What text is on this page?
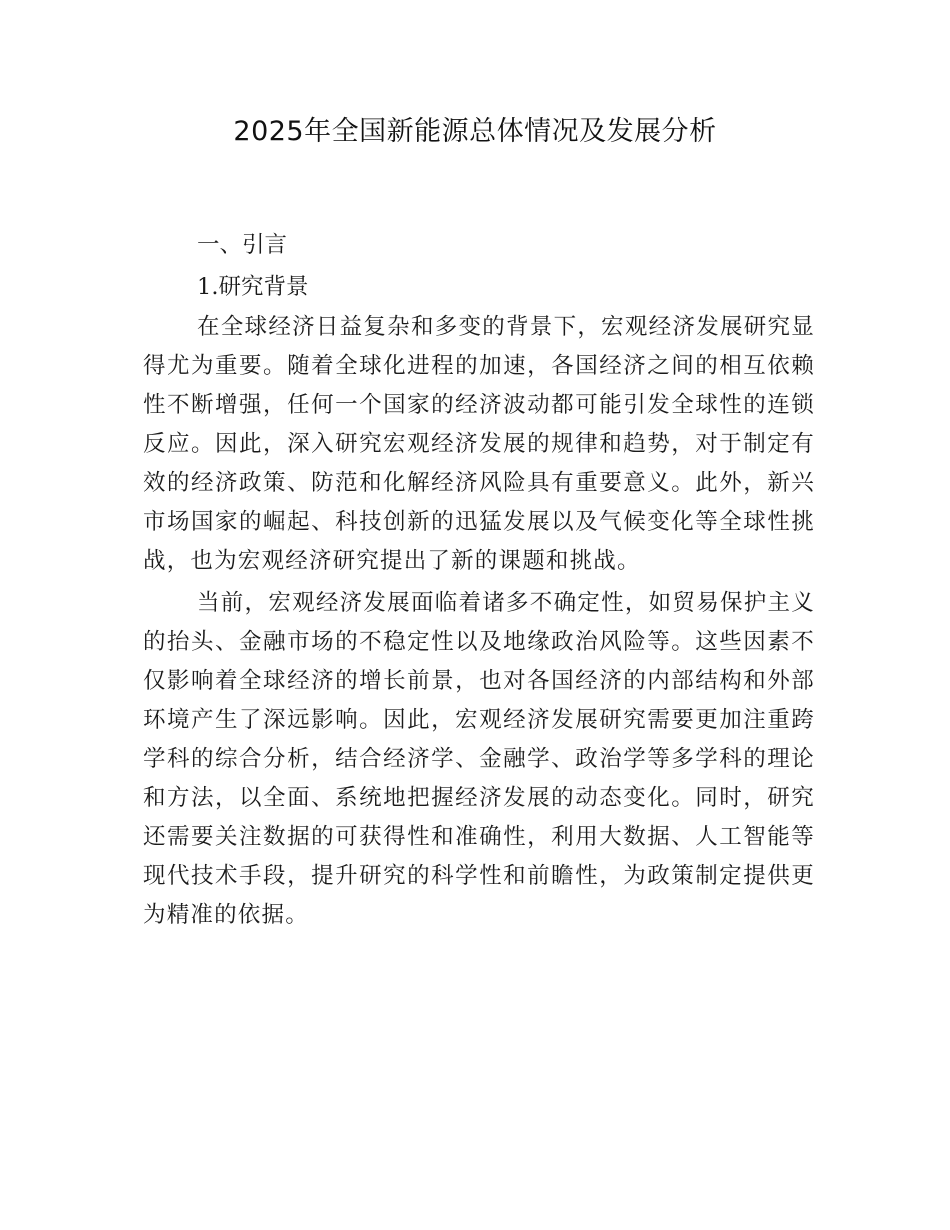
2025年全国新能源总体情况及发展分析
一、引言
1.研究背景

在全球经济日益复杂和多变的背景下，宏观经济发展研究显得尤为重要。随着全球化进程的加速，各国经济之间的相互依赖性不断增强，任何一个国家的经济波动都可能引发全球性的连锁反应。因此，深入研究宏观经济发展的规律和趋势，对于制定有效的经济政策、防范和化解经济风险具有重要意义。此外，新兴市场国家的崛起、科技创新的迅猛发展以及气候变化等全球性挑战，也为宏观经济研究提出了新的课题和挑战。

当前，宏观经济发展面临着诸多不确定性，如贸易保护主义的抬头、金融市场的不稳定性以及地缘政治风险等。这些因素不仅影响着全球经济的增长前景，也对各国经济的内部结构和外部环境产生了深远影响。因此，宏观经济发展研究需要更加注重跨学科的综合分析，结合经济学、金融学、政治学等多学科的理论和方法，以全面、系统地把握经济发展的动态变化。同时，研究还需要关注数据的可获得性和准确性，利用大数据、人工智能等现代技术手段，提升研究的科学性和前瞻性，为政策制定提供更为精准的依据。
